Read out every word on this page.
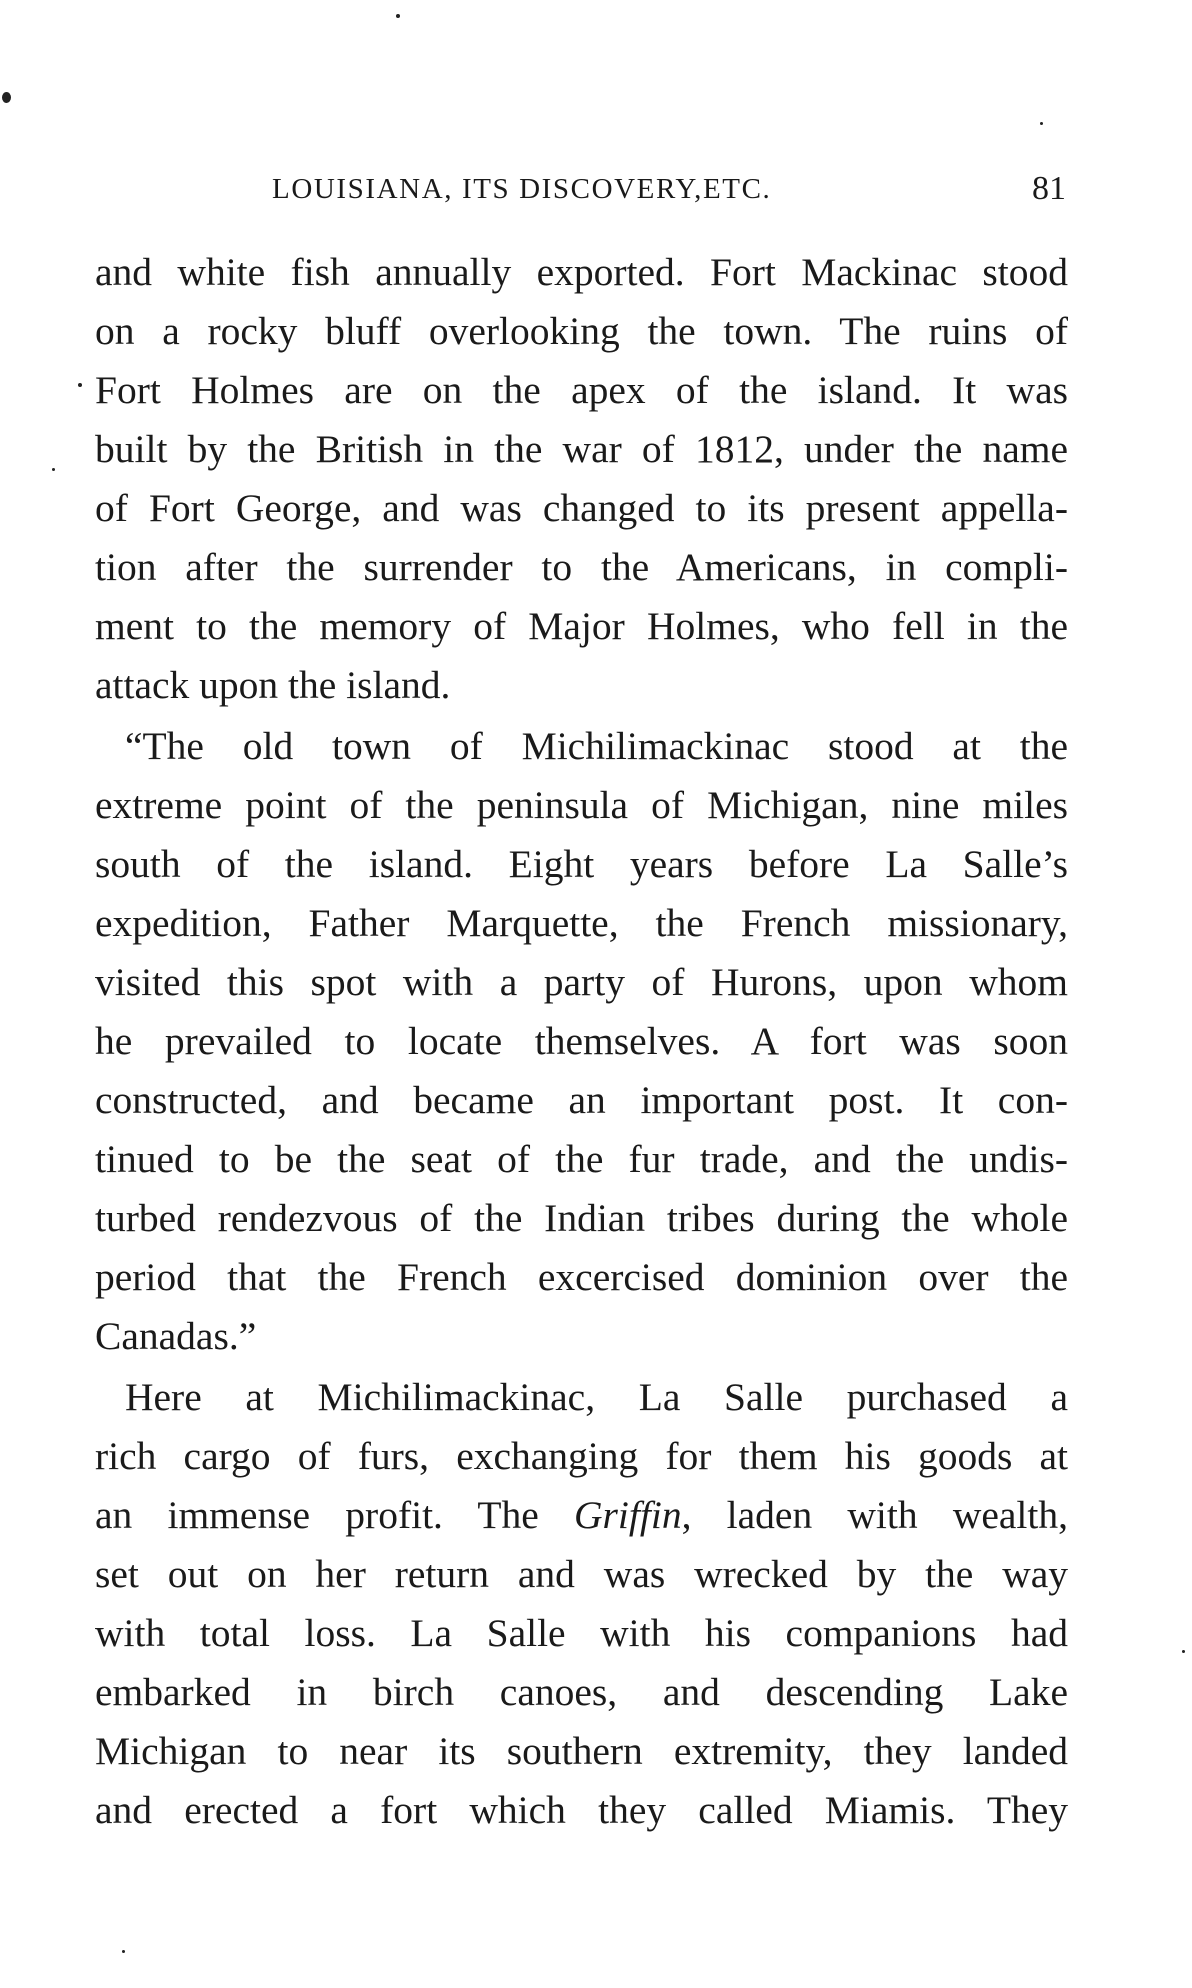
LOUISIANA, ITS DISCOVERY,ETC.	81
and white fish annually exported. Fort Mackinac stood
on a rocky bluff overlooking the town. The ruins of
Fort Holmes are on the apex of the island. It was
built by the British in the war of 1812, under the name
of Fort George, and was changed to its present appella-
tion after the surrender to the Americans, in compli-
ment to the memory of Major Holmes, who fell in the
attack upon the island.
“The old town of Michilimackinac stood at the
extreme point of the peninsula of Michigan, nine miles
south of the island. Eight years before La Salle’s
expedition, Father Marquette, the French missionary,
visited this spot with a party of Hurons, upon whom
he prevailed to locate themselves. A fort was soon
constructed, and became an important post. It con-
tinued to be the seat of the fur trade, and the undis-
turbed rendezvous of the Indian tribes during the whole
period that the French excercised dominion over the
Canadas.”
Here at Michilimackinac, La Salle purchased a
rich cargo of furs, exchanging for them his goods at
an immense profit. The Griffin, laden with wealth,
set out on her return and was wrecked by the way
with total loss. La Salle with his companions had
embarked in birch canoes, and descending Lake
Michigan to near its southern extremity, they landed
and erected a fort which they called Miamis. They
